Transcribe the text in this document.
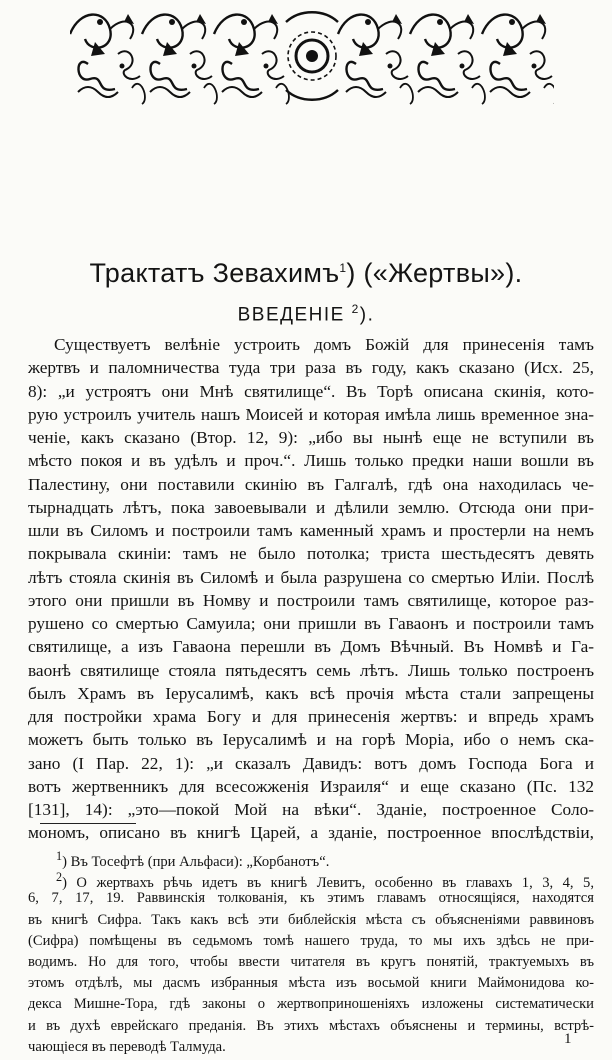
Трактатъ Зевахимъ$^1$) («Жертвы»).
ВВЕДЕНІЕ $^2$).
Существуетъ велѣніе устроить домъ Божій для принесенія тамъ
жертвъ и паломничества туда три раза въ году, какъ сказано (Исх. 25,
8): „и устроятъ они Мнѣ святилище“. Въ Торѣ описана скинія, кото-
рую устроилъ учитель нашъ Моисей и которая имѣла лишь временное зна-
ченіе, какъ сказано (Втор. 12, 9): „ибо вы нынѣ еще не вступили въ
мѣсто покоя и въ удѣлъ и проч.“. Лишь только предки наши вошли въ
Палестину, они поставили скинію въ Галгалѣ, гдѣ она находилась че-
тырнадцать лѣтъ, пока завоевывали и дѣлили землю. Отсюда они при-
шли въ Силомъ и построили тамъ каменный храмъ и простерли на немъ
покрывала скиніи: тамъ не было потолка; триста шестьдесятъ девять
лѣтъ стояла скинія въ Силомѣ и была разрушена со смертью Иліи. Послѣ
этого они пришли въ Номву и построили тамъ святилище, которое раз-
рушено со смертью Самуила; они пришли въ Гаваонъ и построили тамъ
святилище, а изъ Гаваона перешли въ Домъ Вѣчный. Въ Номвѣ и Га-
ваонѣ святилище стояла пятьдесятъ семь лѣтъ. Лишь только построенъ
былъ Храмъ въ Іерусалимѣ, какъ всѣ прочія мѣста стали запрещены
для постройки храма Богу и для принесенія жертвъ: и впредь храмъ
можетъ быть только въ Іерусалимѣ и на горѣ Моріа, ибо о немъ ска-
зано (I Пар. 22, 1): „и сказалъ Давидъ: вотъ домъ Господа Бога и
вотъ жертвенникъ для всесожженія Израиля“ и еще сказано (Пс. 132
[131], 14): „это—покой Мой на вѣки“. Зданіе, построенное Соло-
мономъ, описано въ книгѣ Царей, а зданіе, построенное впослѣдствіи,
$^1$) Въ Тосефтѣ (при Альфаси): „Корбанотъ“.
$^2$) О жертвахъ рѣчь идетъ въ книгѣ Левитъ, особенно въ главахъ 1, 3, 4, 5,
6, 7, 17, 19. Раввинскія толкованія, къ этимъ главамъ относящіяся, находятся
въ книгѣ Сифра. Такъ какъ всѣ эти библейскія мѣста съ объясненіями раввиновъ
(Сифра) помѣщены въ седьмомъ томѣ нашего труда, то мы ихъ здѣсь не при-
водимъ. Но для того, чтобы ввести читателя въ кругъ понятій, трактуемыхъ въ
этомъ отдѣлѣ, мы дасмъ избранныя мѣста изъ восьмой книги Маймонидова ко-
декса Мишне-Тора, гдѣ законы о жертвоприношеніяхъ изложены систематически
и въ духѣ еврейскаго преданія. Въ этихъ мѣстахъ объяснены и термины, встрѣ-
чающіеся въ переводѣ Талмуда.	1
